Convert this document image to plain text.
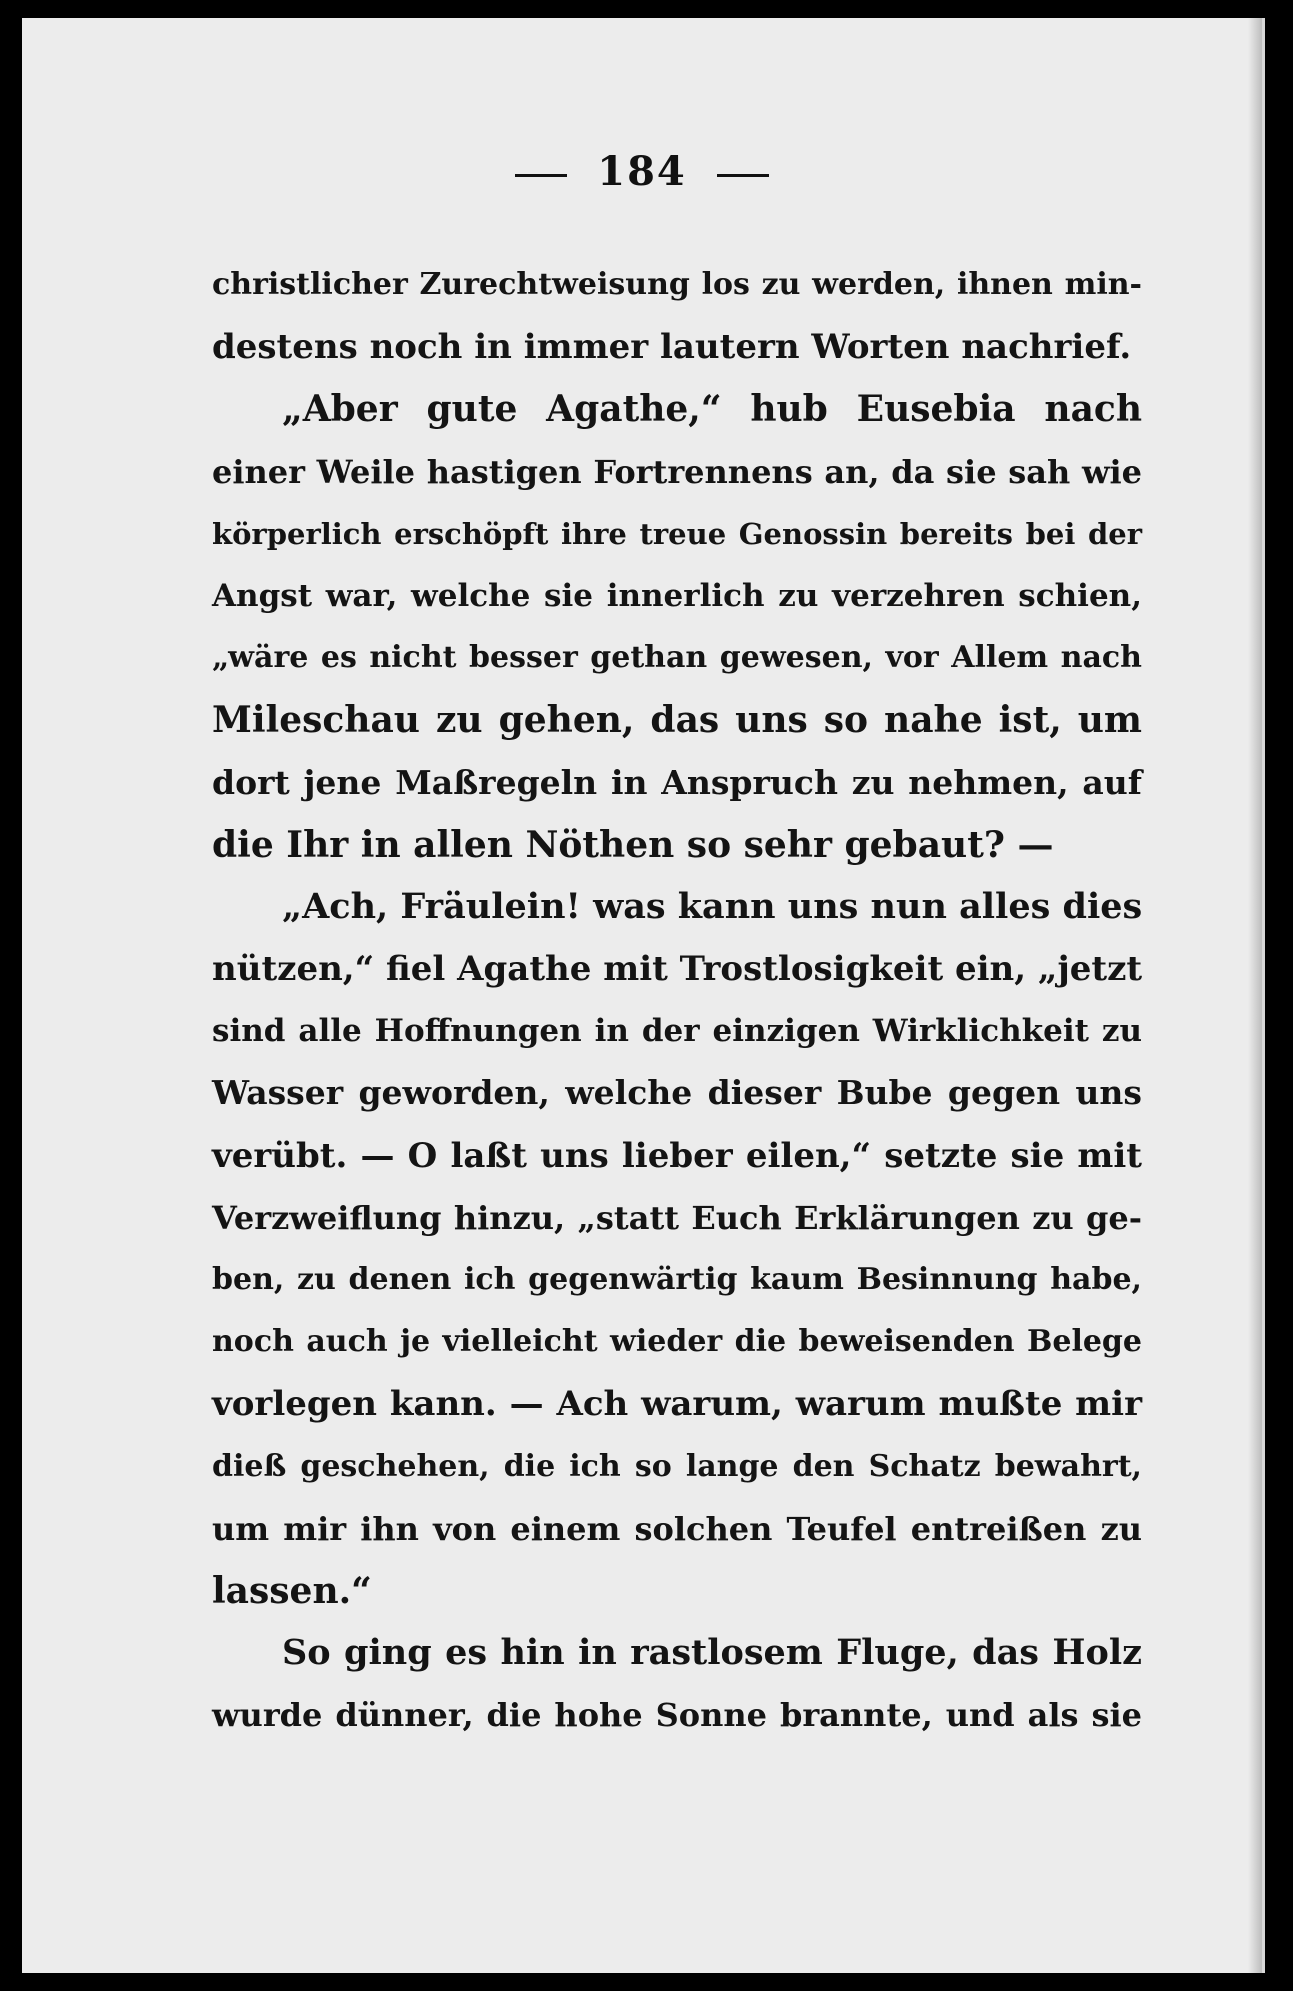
184
christlicher Zurechtweisung los zu werden, ihnen min-
destens noch in immer lautern Worten nachrief.
„Aber gute Agathe,“ hub Eusebia nach
einer Weile hastigen Fortrennens an, da sie sah wie
körperlich erschöpft ihre treue Genossin bereits bei der
Angst war, welche sie innerlich zu verzehren schien,
„wäre es nicht besser gethan gewesen, vor Allem nach
Mileschau zu gehen, das uns so nahe ist, um
dort jene Maßregeln in Anspruch zu nehmen, auf
die Ihr in allen Nöthen so sehr gebaut? —
„Ach, Fräulein! was kann uns nun alles dies
nützen,“ fiel Agathe mit Trostlosigkeit ein, „jetzt
sind alle Hoffnungen in der einzigen Wirklichkeit zu
Wasser geworden, welche dieser Bube gegen uns
verübt. — O laßt uns lieber eilen,“ setzte sie mit
Verzweiflung hinzu, „statt Euch Erklärungen zu ge-
ben, zu denen ich gegenwärtig kaum Besinnung habe,
noch auch je vielleicht wieder die beweisenden Belege
vorlegen kann. — Ach warum, warum mußte mir
dieß geschehen, die ich so lange den Schatz bewahrt,
um mir ihn von einem solchen Teufel entreißen zu
lassen.“
So ging es hin in rastlosem Fluge, das Holz
wurde dünner, die hohe Sonne brannte, und als sie
